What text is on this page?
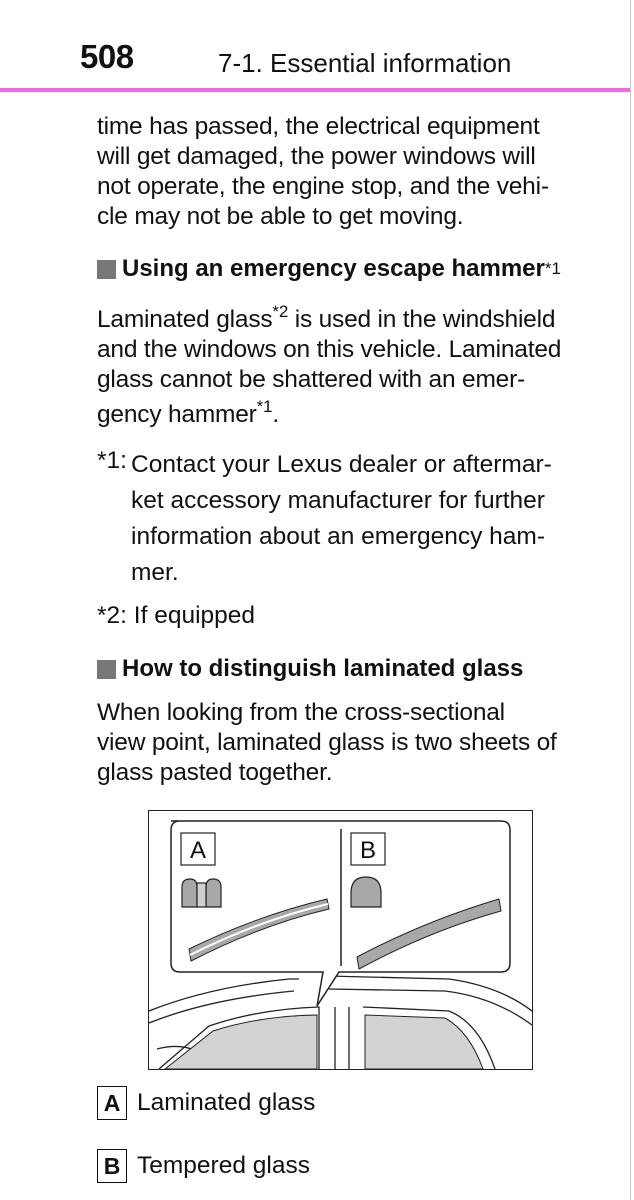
508	7-1. Essential information
time has passed, the electrical equipment
will get damaged, the power windows will
not operate, the engine stop, and the vehi-
cle may not be able to get moving.
Using an emergency escape hammer *1
Laminated glass$^{*2}$ is used in the windshield
and the windows on this vehicle. Laminated
glass cannot be shattered with an emer-
gency hammer$^{*1}$.
*1: Contact your Lexus dealer or aftermar-
ket accessory manufacturer for further
information about an emergency ham-
mer.
*2: If equipped
How to distinguish laminated glass
When looking from the cross-sectional
view point, laminated glass is two sheets of
glass pasted together.
A	B
A Laminated glass
B Tempered glass
